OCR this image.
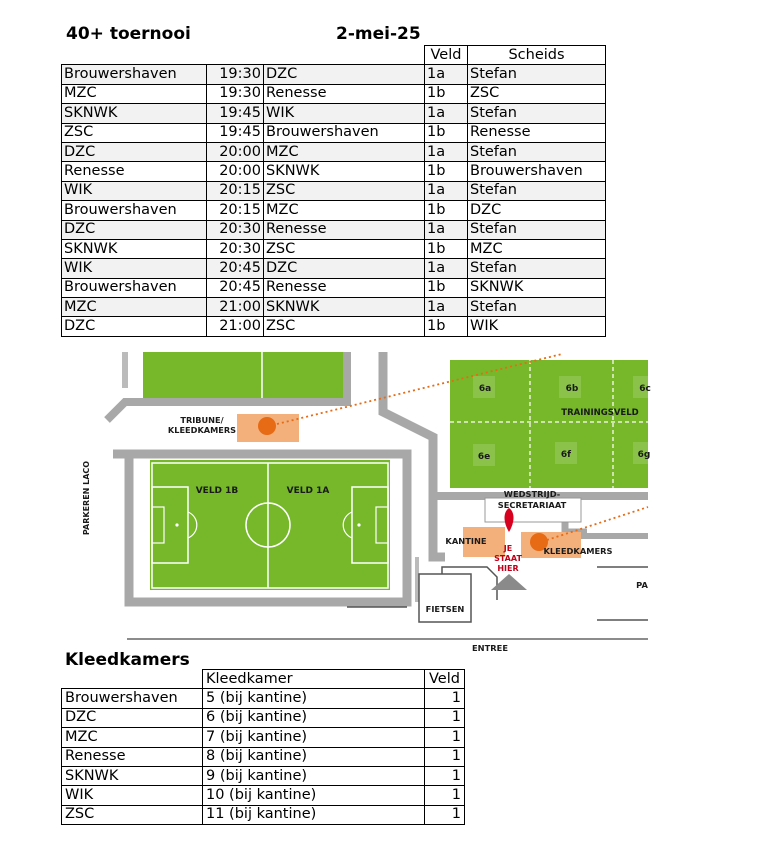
40+ toernooi	2-mei-25
			Veld	Scheids
Brouwershaven	19:30	DZC	1a	Stefan
MZC	19:30	Renesse	1b	ZSC
SKNWK	19:45	WIK	1a	Stefan
ZSC	19:45	Brouwershaven	1b	Renesse
DZC	20:00	MZC	1a	Stefan
Renesse	20:00	SKNWK	1b	Brouwershaven
WIK	20:15	ZSC	1a	Stefan
Brouwershaven	20:15	MZC	1b	DZC
DZC	20:30	Renesse	1a	Stefan
SKNWK	20:30	ZSC	1b	MZC
WIK	20:45	DZC	1a	Stefan
Brouwershaven	20:45	Renesse	1b	SKNWK
MZC	21:00	SKNWK	1a	Stefan
DZC	21:00	ZSC	1b	WIK
PARKEREN LACO
TRIBUNE/
KLEEDKAMERS
VELD 1B	VELD 1A
6a	6b	6c
TRAININGSVELD
6e	6f	6g
WEDSTRIJD-
SECRETARIAAT
KANTINE
KLEEDKAMERS
JE
STAAT
HIER
FIETSEN
ENTREE
PA
Kleedkamers
	Kleedkamer	Veld
Brouwershaven	5 (bij kantine)	1
DZC	6 (bij kantine)	1
MZC	7 (bij kantine)	1
Renesse	8 (bij kantine)	1
SKNWK	9 (bij kantine)	1
WIK	10 (bij kantine)	1
ZSC	11 (bij kantine)	1
